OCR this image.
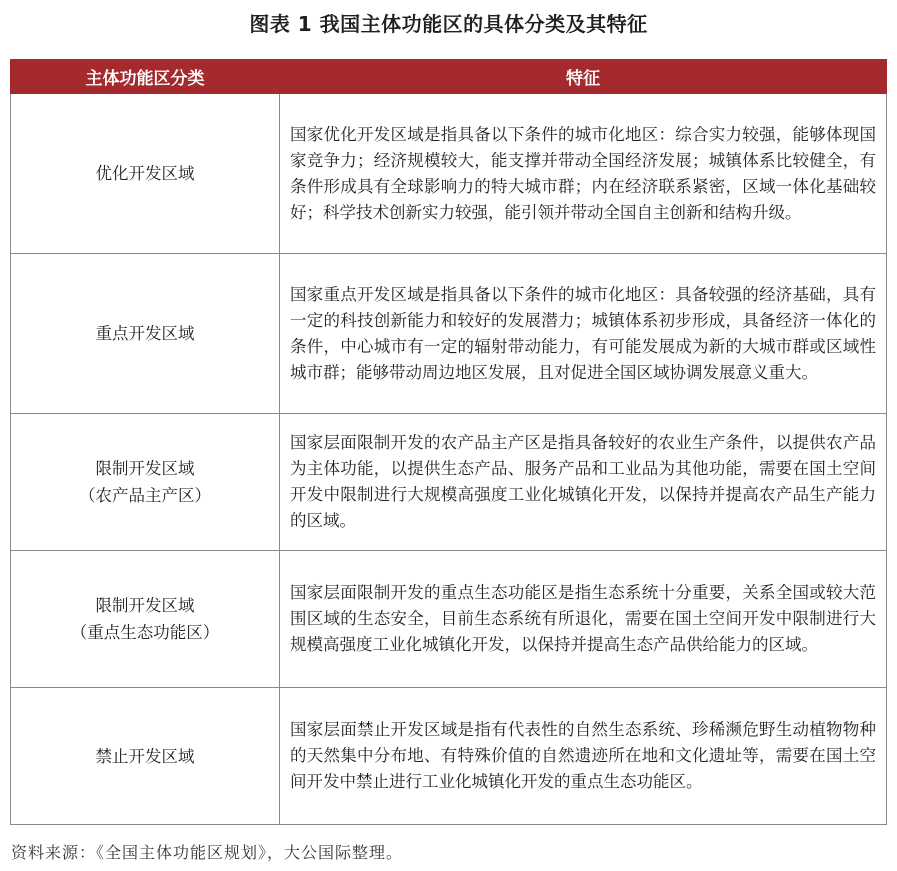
图表 1 我国主体功能区的具体分类及其特征
主体功能区分类	特征

优化开发区域	国家优化开发区域是指具备以下条件的城市化地区：综合实力较强，能够体现国家竞争力；经济规模较大，能支撑并带动全国经济发展；城镇体系比较健全，有条件形成具有全球影响力的特大城市群；内在经济联系紧密，区域一体化基础较好；科学技术创新实力较强，能引领并带动全国自主创新和结构升级。

重点开发区域	国家重点开发区域是指具备以下条件的城市化地区：具备较强的经济基础，具有一定的科技创新能力和较好的发展潜力；城镇体系初步形成，具备经济一体化的条件，中心城市有一定的辐射带动能力，有可能发展成为新的大城市群或区域性城市群；能够带动周边地区发展，且对促进全国区域协调发展意义重大。

限制开发区域
（农产品主产区）	国家层面限制开发的农产品主产区是指具备较好的农业生产条件，以提供农产品为主体功能，以提供生态产品、服务产品和工业品为其他功能，需要在国土空间开发中限制进行大规模高强度工业化城镇化开发，以保持并提高农产品生产能力的区域。

限制开发区域
（重点生态功能区）	国家层面限制开发的重点生态功能区是指生态系统十分重要，关系全国或较大范围区域的生态安全，目前生态系统有所退化，需要在国土空间开发中限制进行大规模高强度工业化城镇化开发，以保持并提高生态产品供给能力的区域。

禁止开发区域	国家层面禁止开发区域是指有代表性的自然生态系统、珍稀濒危野生动植物物种的天然集中分布地、有特殊价值的自然遗迹所在地和文化遗址等，需要在国土空间开发中禁止进行工业化城镇化开发的重点生态功能区。
资料来源：《全国主体功能区规划》，大公国际整理。
